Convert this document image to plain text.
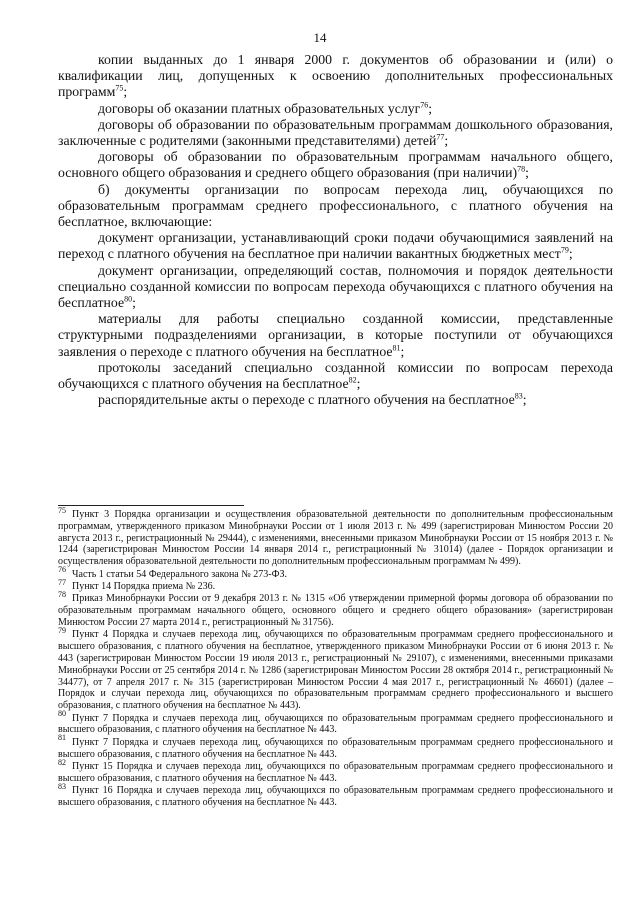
14

копии выданных до 1 января 2000 г. документов об образовании и (или) о квалификации лиц, допущенных к освоению дополнительных профессиональных программ$^{75}$;

договоры об оказании платных образовательных услуг$^{76}$;

договоры об образовании по образовательным программам дошкольного образования, заключенные с родителями (законными представителями) детей$^{77}$;

договоры об образовании по образовательным программам начального общего, основного общего образования и среднего общего образования (при наличии)$^{78}$;

б) документы организации по вопросам перехода лиц, обучающихся по образовательным программам среднего профессионального, с платного обучения на бесплатное, включающие:

документ организации, устанавливающий сроки подачи обучающимися заявлений на переход с платного обучения на бесплатное при наличии вакантных бюджетных мест$^{79}$;

документ организации, определяющий состав, полномочия и порядок деятельности специально созданной комиссии по вопросам перехода обучающихся с платного обучения на бесплатное$^{80}$;

материалы для работы специально созданной комиссии, представленные структурными подразделениями организации, в которые поступили от обучающихся заявления о переходе с платного обучения на бесплатное$^{81}$;

протоколы заседаний специально созданной комиссии по вопросам перехода обучающихся с платного обучения на бесплатное$^{82}$;

распорядительные акты о переходе с платного обучения на бесплатное$^{83}$;

$^{75}$ Пункт 3 Порядка организации и осуществления образовательной деятельности по дополнительным профессиональным программам, утвержденного приказом Минобрнауки России от 1 июля 2013 г. № 499 (зарегистрирован Минюстом России 20 августа 2013 г., регистрационный № 29444), с изменениями, внесенными приказом Минобрнауки России от 15 ноября 2013 г. № 1244 (зарегистрирован Минюстом России 14 января 2014 г., регистрационный № 31014) (далее - Порядок организации и осуществления образовательной деятельности по дополнительным профессиональным программам № 499).

$^{76}$ Часть 1 статьи 54 Федерального закона № 273-ФЗ.

$^{77}$ Пункт 14 Порядка приема № 236.

$^{78}$ Приказ Минобрнауки России от 9 декабря 2013 г. № 1315 «Об утверждении примерной формы договора об образовании по образовательным программам начального общего, основного общего и среднего общего образования» (зарегистрирован Минюстом России 27 марта 2014 г., регистрационный № 31756).

$^{79}$ Пункт 4 Порядка и случаев перехода лиц, обучающихся по образовательным программам среднего профессионального и высшего образования, с платного обучения на бесплатное, утвержденного приказом Минобрнауки России от 6 июня 2013 г. № 443 (зарегистрирован Минюстом России 19 июля 2013 г., регистрационный № 29107), с изменениями, внесенными приказами Минобрнауки России от 25 сентября 2014 г. № 1286 (зарегистрирован Минюстом России 28 октября 2014 г., регистрационный № 34477), от 7 апреля 2017 г. № 315 (зарегистрирован Минюстом России 4 мая 2017 г., регистрационный № 46601) (далее – Порядок и случаи перехода лиц, обучающихся по образовательным программам среднего профессионального и высшего образования, с платного обучения на бесплатное № 443).

$^{80}$ Пункт 7 Порядка и случаев перехода лиц, обучающихся по образовательным программам среднего профессионального и высшего образования, с платного обучения на бесплатное № 443.

$^{81}$ Пункт 7 Порядка и случаев перехода лиц, обучающихся по образовательным программам среднего профессионального и высшего образования, с платного обучения на бесплатное № 443.

$^{82}$ Пункт 15 Порядка и случаев перехода лиц, обучающихся по образовательным программам среднего профессионального и высшего образования, с платного обучения на бесплатное № 443.

$^{83}$ Пункт 16 Порядка и случаев перехода лиц, обучающихся по образовательным программам среднего профессионального и высшего образования, с платного обучения на бесплатное № 443.
